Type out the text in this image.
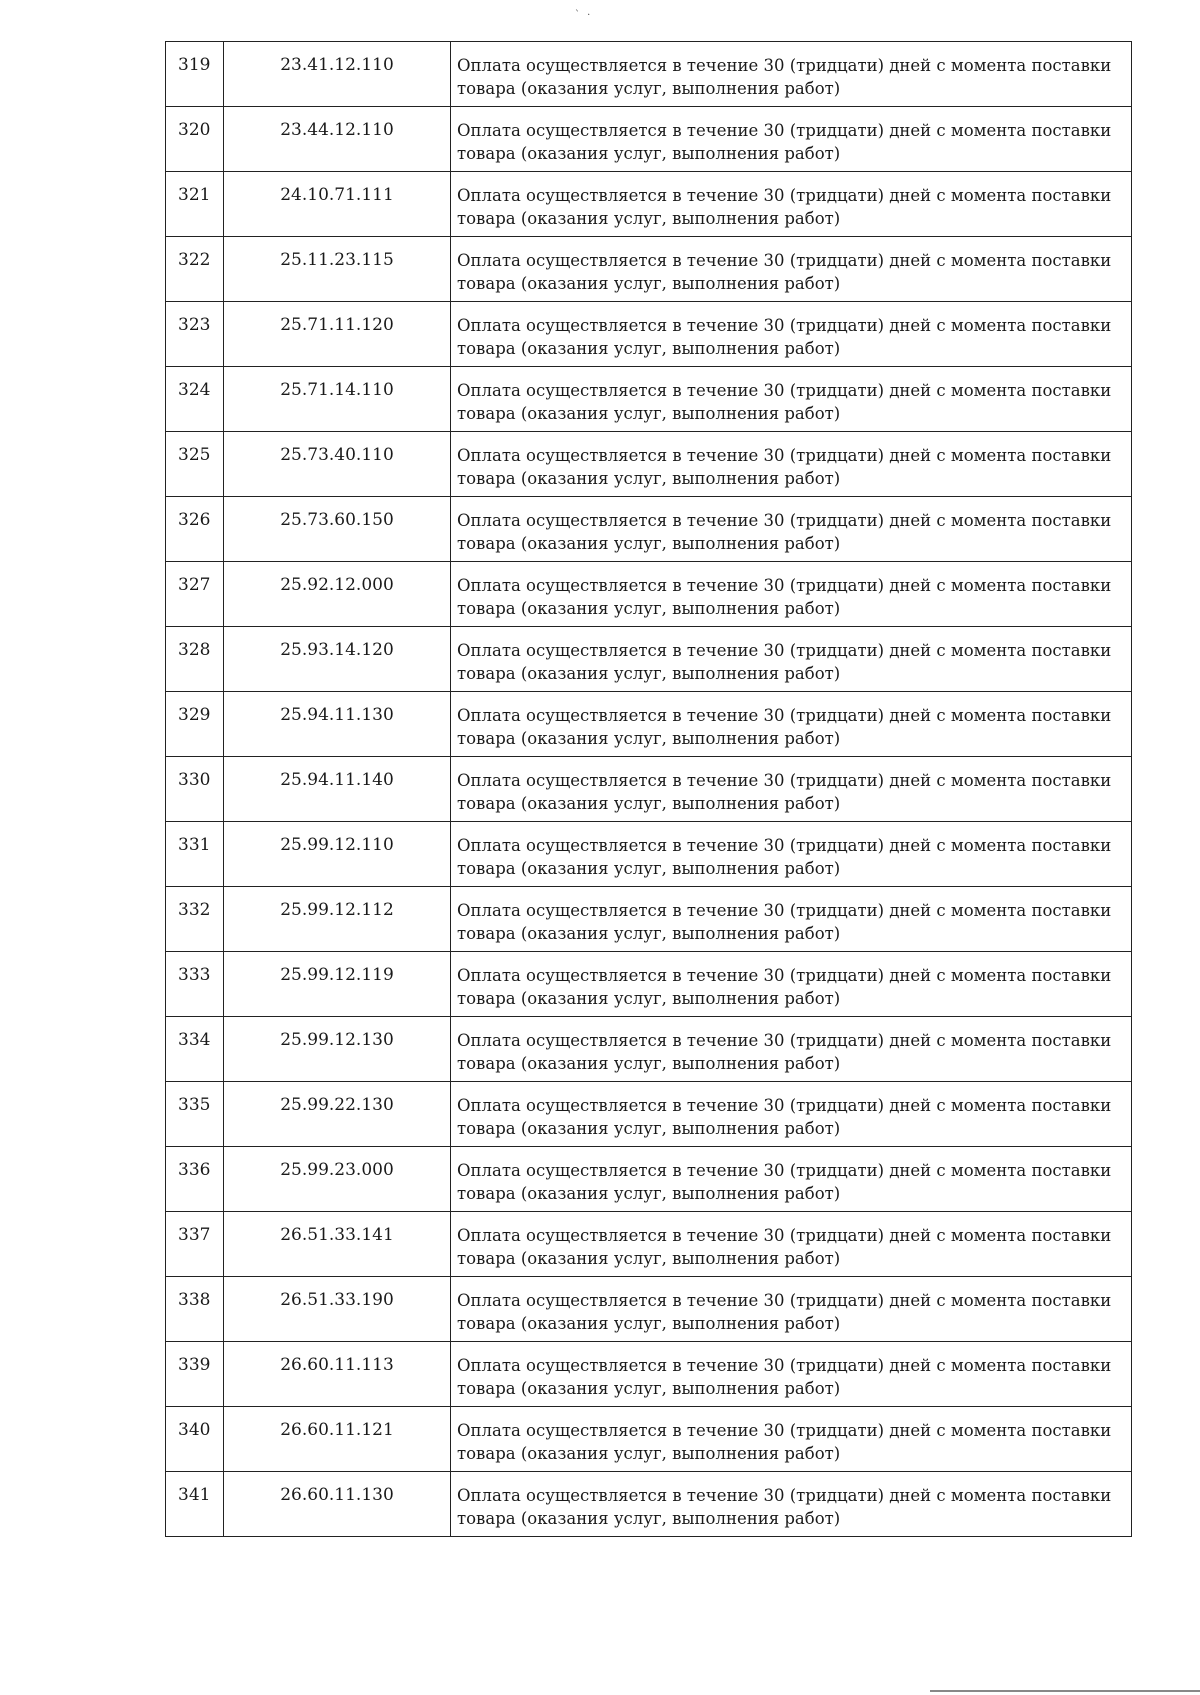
` ·
319	23.41.12.110	Оплата осуществляется в течение 30 (тридцати) дней с момента поставки товара (оказания услуг, выполнения работ)
320	23.44.12.110	Оплата осуществляется в течение 30 (тридцати) дней с момента поставки товара (оказания услуг, выполнения работ)
321	24.10.71.111	Оплата осуществляется в течение 30 (тридцати) дней с момента поставки товара (оказания услуг, выполнения работ)
322	25.11.23.115	Оплата осуществляется в течение 30 (тридцати) дней с момента поставки товара (оказания услуг, выполнения работ)
323	25.71.11.120	Оплата осуществляется в течение 30 (тридцати) дней с момента поставки товара (оказания услуг, выполнения работ)
324	25.71.14.110	Оплата осуществляется в течение 30 (тридцати) дней с момента поставки товара (оказания услуг, выполнения работ)
325	25.73.40.110	Оплата осуществляется в течение 30 (тридцати) дней с момента поставки товара (оказания услуг, выполнения работ)
326	25.73.60.150	Оплата осуществляется в течение 30 (тридцати) дней с момента поставки товара (оказания услуг, выполнения работ)
327	25.92.12.000	Оплата осуществляется в течение 30 (тридцати) дней с момента поставки товара (оказания услуг, выполнения работ)
328	25.93.14.120	Оплата осуществляется в течение 30 (тридцати) дней с момента поставки товара (оказания услуг, выполнения работ)
329	25.94.11.130	Оплата осуществляется в течение 30 (тридцати) дней с момента поставки товара (оказания услуг, выполнения работ)
330	25.94.11.140	Оплата осуществляется в течение 30 (тридцати) дней с момента поставки товара (оказания услуг, выполнения работ)
331	25.99.12.110	Оплата осуществляется в течение 30 (тридцати) дней с момента поставки товара (оказания услуг, выполнения работ)
332	25.99.12.112	Оплата осуществляется в течение 30 (тридцати) дней с момента поставки товара (оказания услуг, выполнения работ)
333	25.99.12.119	Оплата осуществляется в течение 30 (тридцати) дней с момента поставки товара (оказания услуг, выполнения работ)
334	25.99.12.130	Оплата осуществляется в течение 30 (тридцати) дней с момента поставки товара (оказания услуг, выполнения работ)
335	25.99.22.130	Оплата осуществляется в течение 30 (тридцати) дней с момента поставки товара (оказания услуг, выполнения работ)
336	25.99.23.000	Оплата осуществляется в течение 30 (тридцати) дней с момента поставки товара (оказания услуг, выполнения работ)
337	26.51.33.141	Оплата осуществляется в течение 30 (тридцати) дней с момента поставки товара (оказания услуг, выполнения работ)
338	26.51.33.190	Оплата осуществляется в течение 30 (тридцати) дней с момента поставки товара (оказания услуг, выполнения работ)
339	26.60.11.113	Оплата осуществляется в течение 30 (тридцати) дней с момента поставки товара (оказания услуг, выполнения работ)
340	26.60.11.121	Оплата осуществляется в течение 30 (тридцати) дней с момента поставки товара (оказания услуг, выполнения работ)
341	26.60.11.130	Оплата осуществляется в течение 30 (тридцати) дней с момента поставки товара (оказания услуг, выполнения работ)
